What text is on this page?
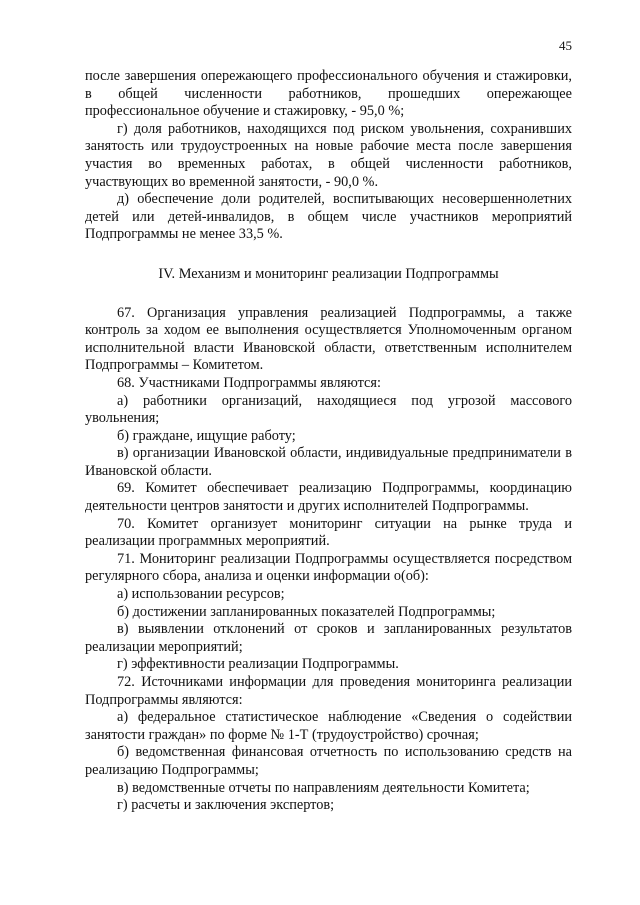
45

после завершения опережающего профессионального обучения и стажировки, в общей численности работников, прошедших опережающее профессиональное обучение и стажировку, - 95,0 %;

г) доля работников, находящихся под риском увольнения, сохранивших занятость или трудоустроенных на новые рабочие места после завершения участия во временных работах, в общей численности работников, участвующих во временной занятости, - 90,0 %.

д) обеспечение доли родителей, воспитывающих несовершеннолетних детей или детей-инвалидов, в общем числе участников мероприятий Подпрограммы не менее 33,5 %.

IV. Механизм и мониторинг реализации Подпрограммы

67. Организация управления реализацией Подпрограммы, а также контроль за ходом ее выполнения осуществляется Уполномоченным органом исполнительной власти Ивановской области, ответственным исполнителем Подпрограммы – Комитетом.

68. Участниками Подпрограммы являются:

а) работники организаций, находящиеся под угрозой массового увольнения;

б) граждане, ищущие работу;

в) организации Ивановской области, индивидуальные предприниматели в Ивановской области.

69. Комитет обеспечивает реализацию Подпрограммы, координацию деятельности центров занятости и других исполнителей Подпрограммы.

70. Комитет организует мониторинг ситуации на рынке труда и реализации программных мероприятий.

71. Мониторинг реализации Подпрограммы осуществляется посредством регулярного сбора, анализа и оценки информации о(об):

а) использовании ресурсов;

б) достижении запланированных показателей Подпрограммы;

в) выявлении отклонений от сроков и запланированных результатов реализации мероприятий;

г) эффективности реализации Подпрограммы.

72. Источниками информации для проведения мониторинга реализации Подпрограммы являются:

а) федеральное статистическое наблюдение «Сведения о содействии занятости граждан» по форме № 1-Т (трудоустройство) срочная;

б) ведомственная финансовая отчетность по использованию средств на реализацию Подпрограммы;

в) ведомственные отчеты по направлениям деятельности Комитета;

г) расчеты и заключения экспертов;
